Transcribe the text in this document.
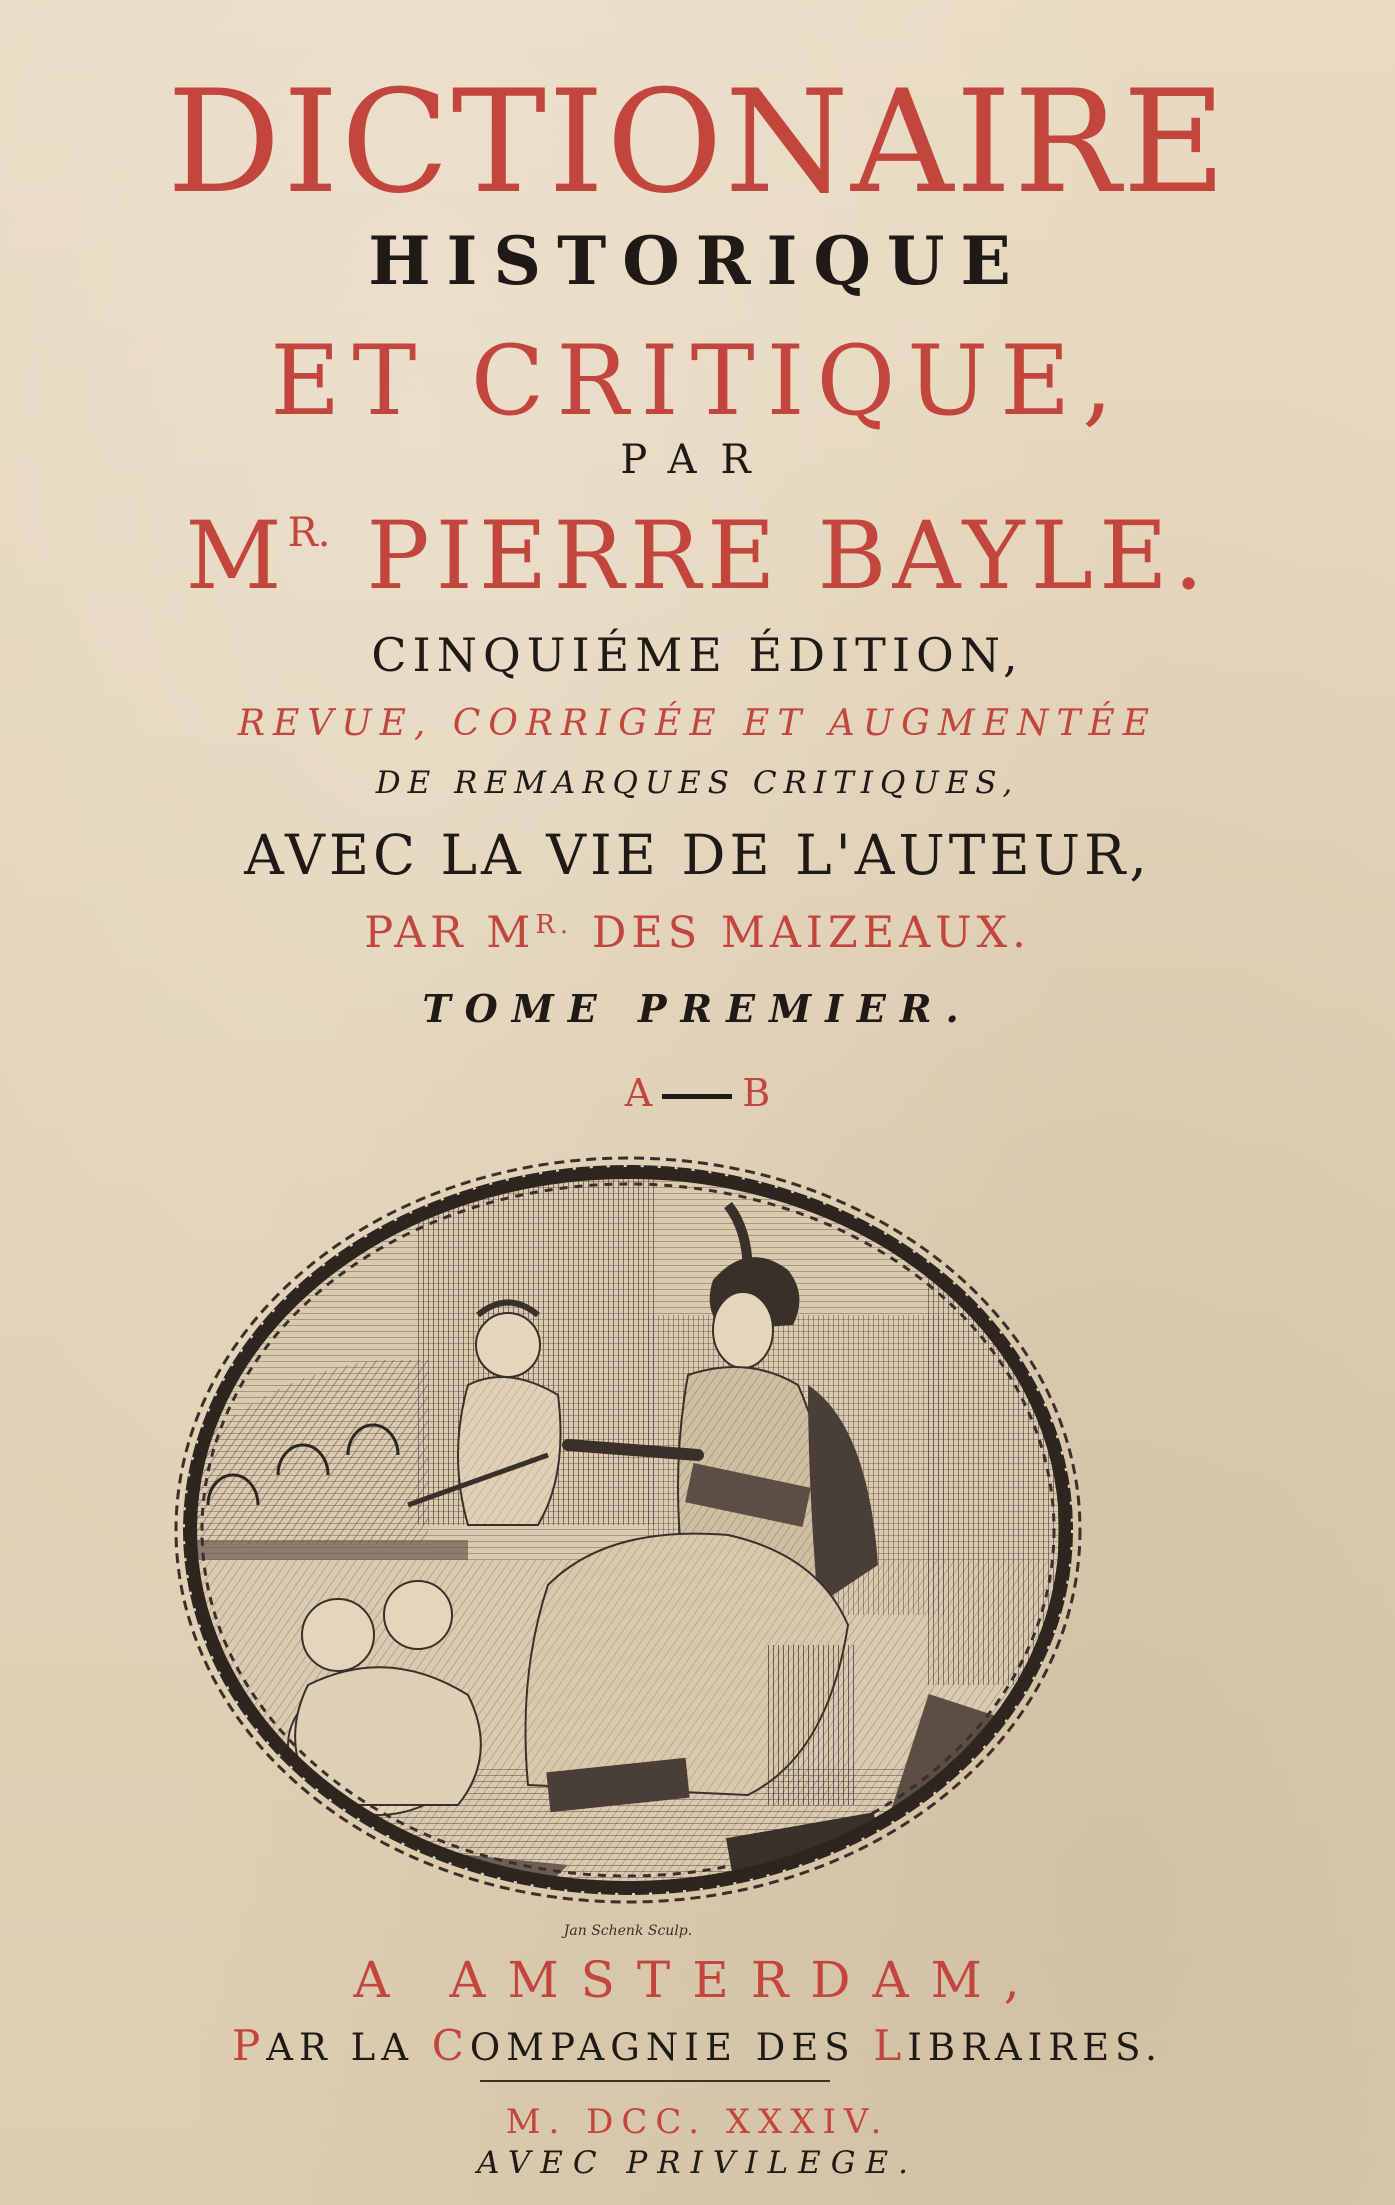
DICTIONAIRE
HISTORIQUE
ET CRITIQUE,
PAR
$M^{R.}$ PIERRE BAYLE.
CINQUIÉME ÉDITION,
REVUE, CORRIGÉE ET AUGMENTÉE
DE REMARQUES CRITIQUES,
AVEC LA VIE DE L'AUTEUR,
PAR $M^{R.}$ DES MAIZEAUX.
TOME PREMIER.
A B
Jan Schenk Sculp.
A AMSTERDAM,
PAR LA COMPAGNIE DES LIBRAIRES.
M. DCC. XXXIV.
AVEC PRIVILEGE.
